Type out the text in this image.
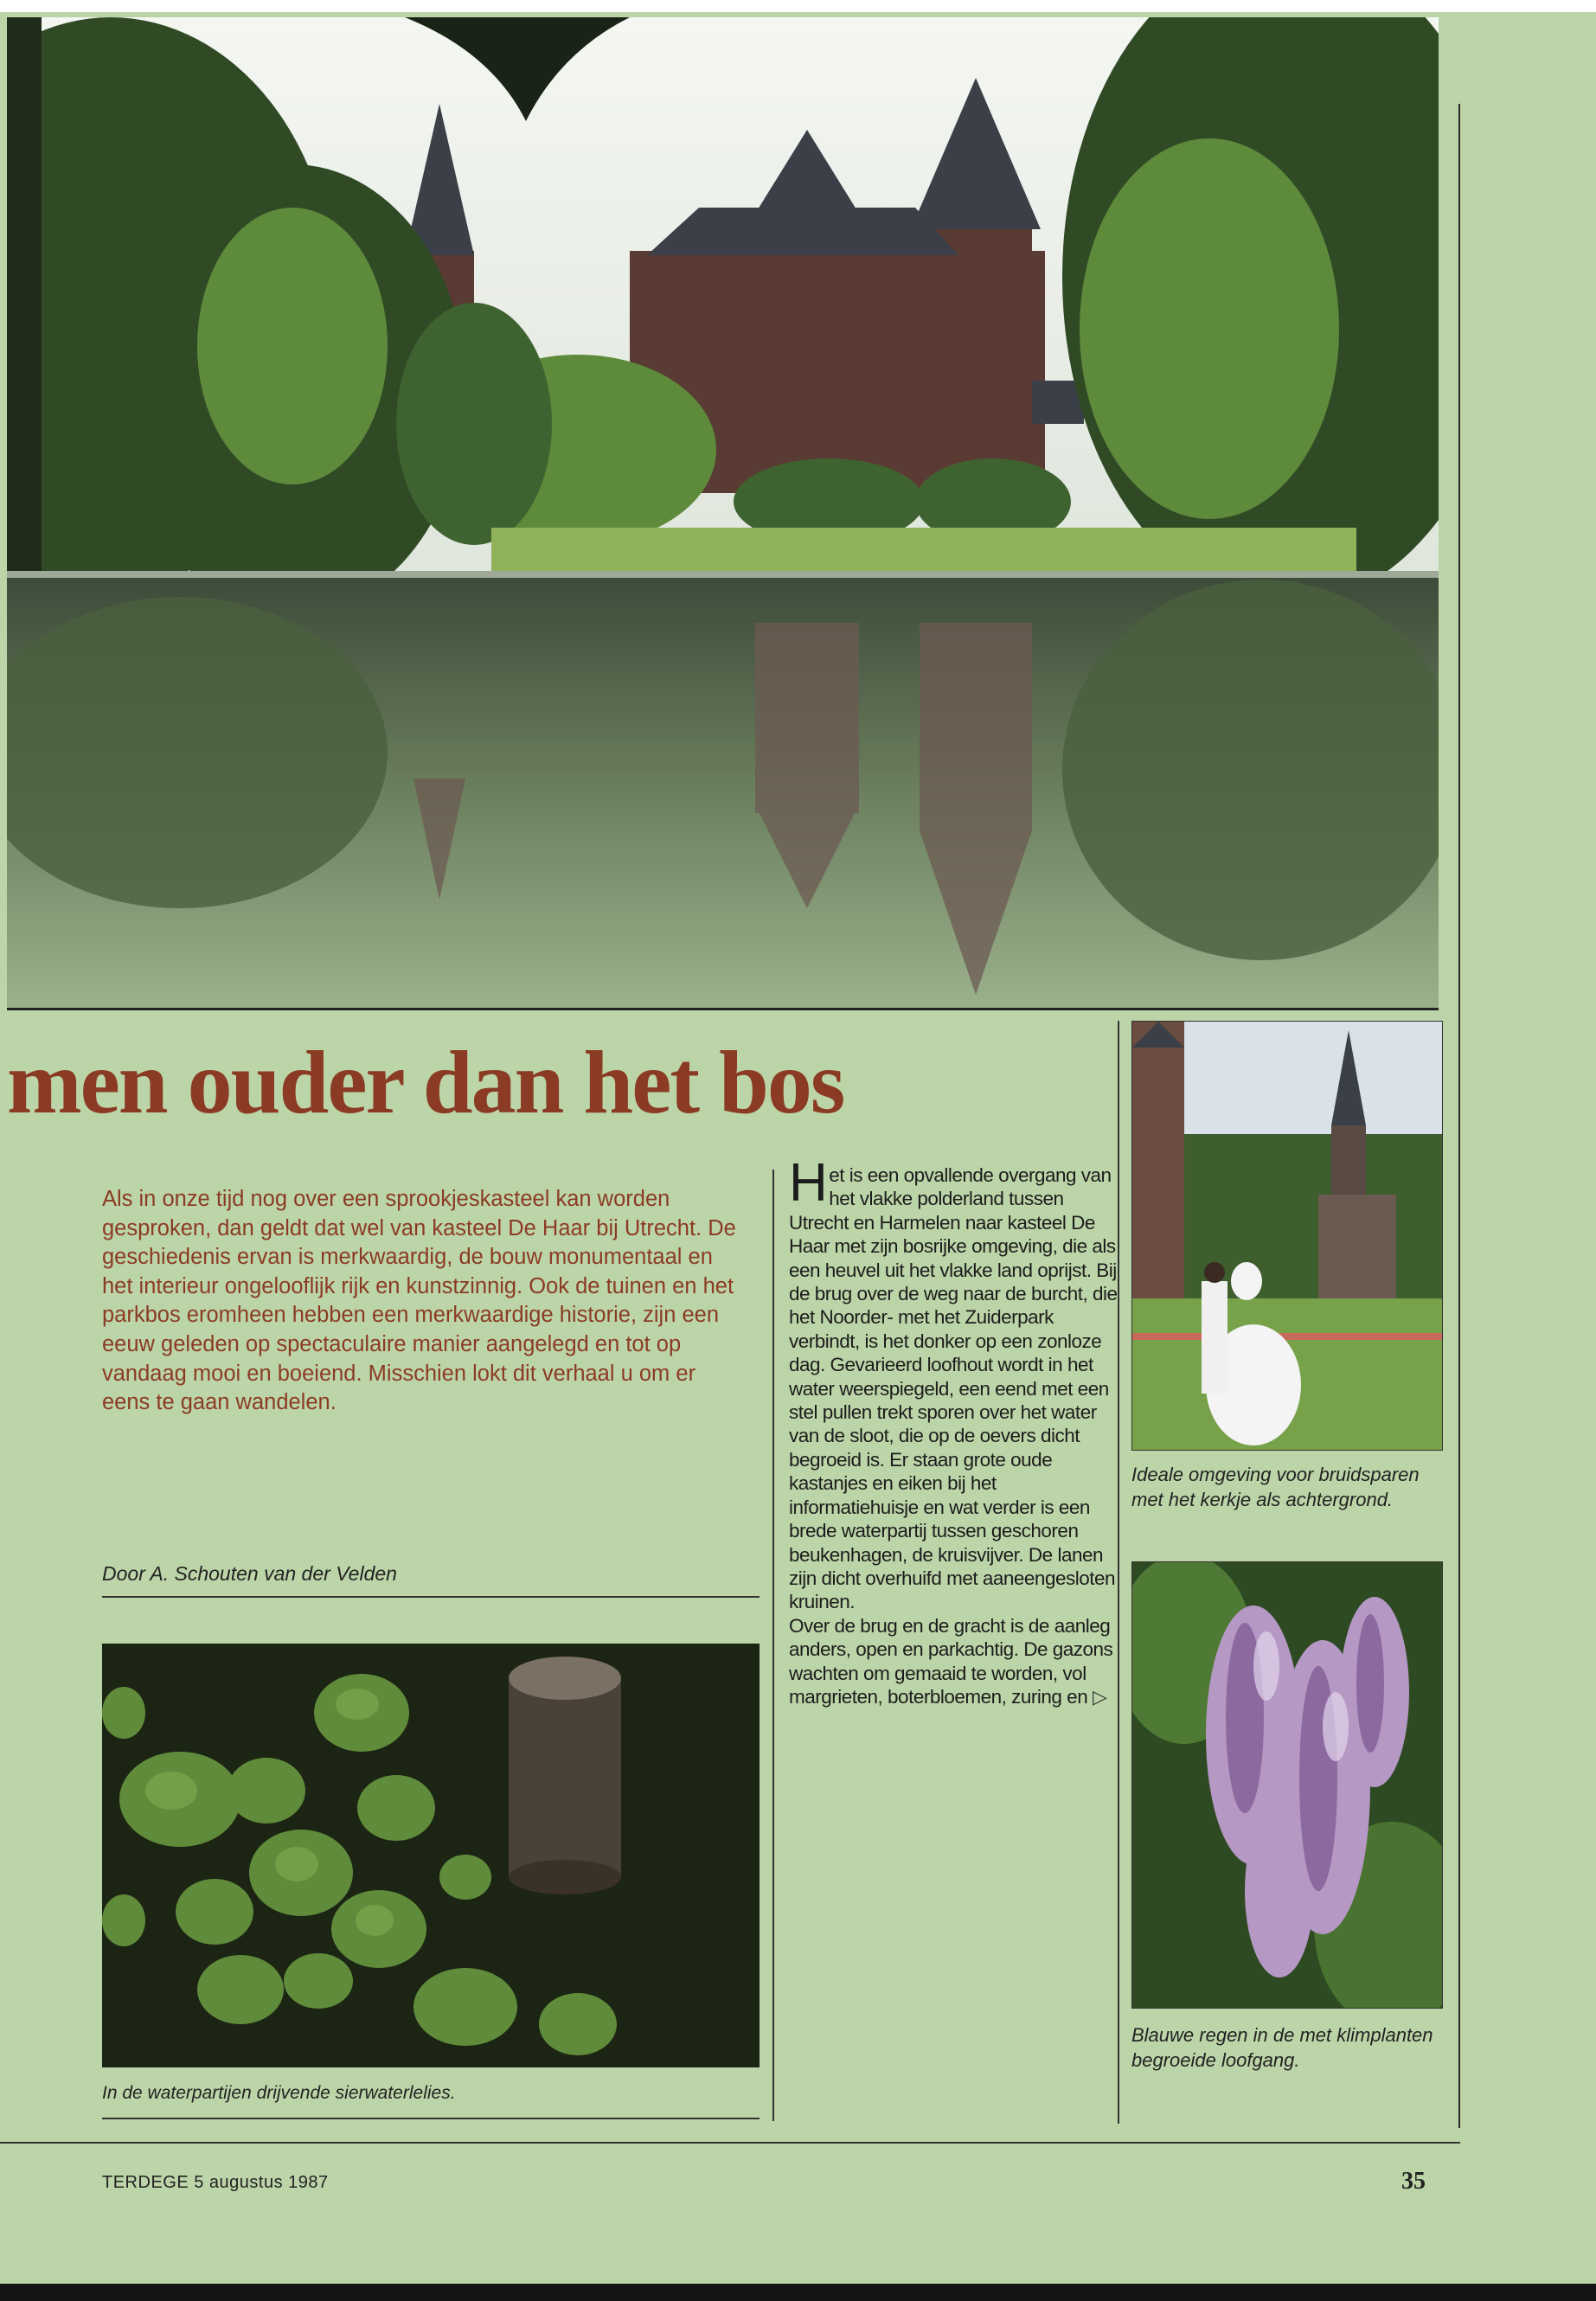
men ouder dan het bos

Als in onze tijd nog over een sprookjeskasteel kan worden gesproken, dan geldt dat wel van kasteel De Haar bij Utrecht. De geschiedenis ervan is merkwaardig, de bouw monumentaal en het interieur ongelooflijk rijk en kunstzinnig. Ook de tuinen en het parkbos eromheen hebben een merkwaardige historie, zijn een eeuw geleden op spectaculaire manier aangelegd en tot op vandaag mooi en boeiend. Misschien lokt dit verhaal u om er eens te gaan wandelen.

Door A. Schouten van der Velden

In de waterpartijen drijvende sierwaterlelies.

Het is een opvallende overgang van het vlakke polderland tussen Utrecht en Harmelen naar kasteel De Haar met zijn bosrijke omgeving, die als een heuvel uit het vlakke land oprijst. Bij de brug over de weg naar de burcht, die het Noorder- met het Zuiderpark verbindt, is het donker op een zonloze dag. Gevarieerd loofhout wordt in het water weerspiegeld, een eend met een stel pullen trekt sporen over het water van de sloot, die op de oevers dicht begroeid is. Er staan grote oude kastanjes en eiken bij het informatiehuisje en wat verder is een brede waterpartij tussen geschoren beukenhagen, de kruisvijver. De lanen zijn dicht overhuifd met aaneengesloten kruinen.

Over de brug en de gracht is de aanleg anders, open en parkachtig. De gazons wachten om gemaaid te worden, vol margrieten, boterbloemen, zuring en ▷

Ideale omgeving voor bruidsparen met het kerkje als achtergrond.

Blauwe regen in de met klimplanten begroeide loofgang.

TERDEGE 5 augustus 1987	35
